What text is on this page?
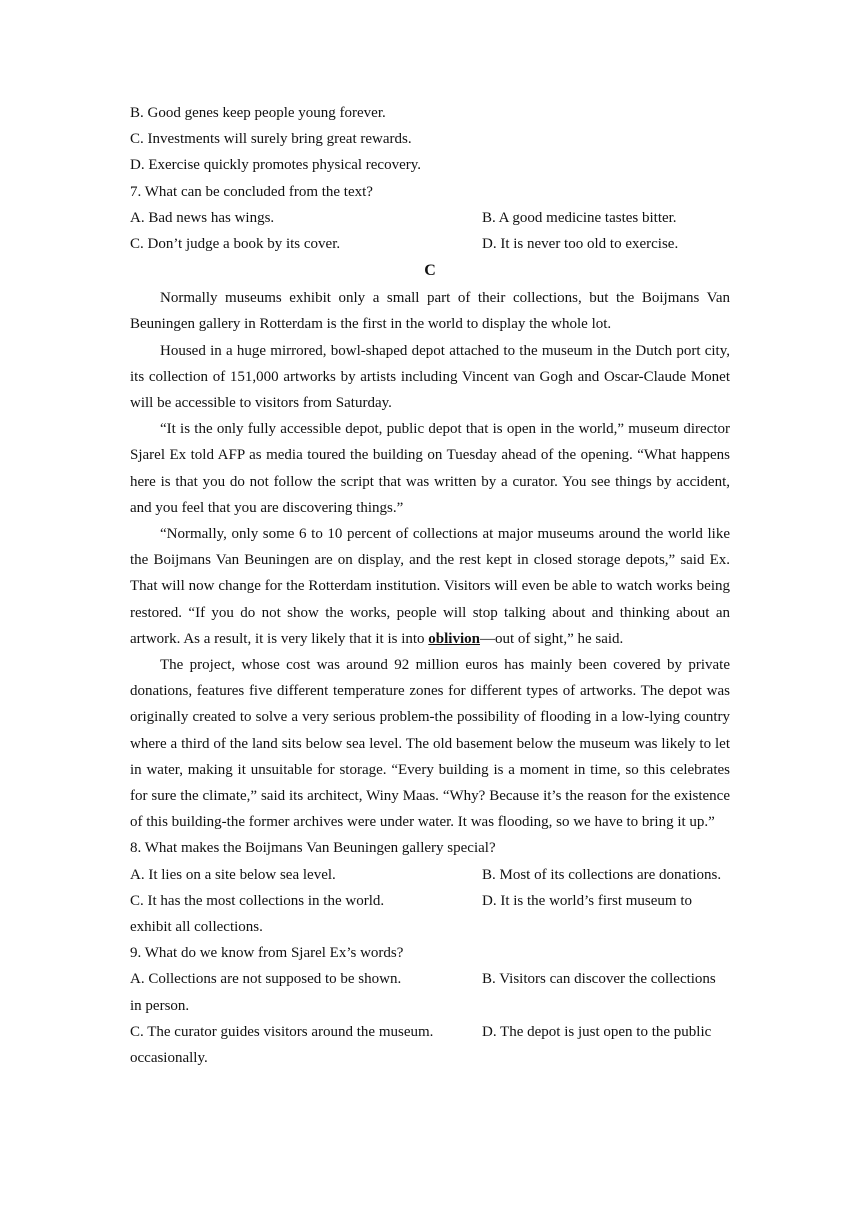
B. Good genes keep people young forever.
C. Investments will surely bring great rewards.
D. Exercise quickly promotes physical recovery.
7. What can be concluded from the text?
A. Bad news has wings.	B. A good medicine tastes bitter.
C. Don’t judge a book by its cover.	D. It is never too old to exercise.
C

Normally museums exhibit only a small part of their collections, but the Boijmans Van Beuningen gallery in Rotterdam is the first in the world to display the whole lot.

Housed in a huge mirrored, bowl-shaped depot attached to the museum in the Dutch port city, its collection of 151,000 artworks by artists including Vincent van Gogh and Oscar-Claude Monet will be accessible to visitors from Saturday.

“It is the only fully accessible depot, public depot that is open in the world,” museum director Sjarel Ex told AFP as media toured the building on Tuesday ahead of the opening. “What happens here is that you do not follow the script that was written by a curator. You see things by accident, and you feel that you are discovering things.”

“Normally, only some 6 to 10 percent of collections at major museums around the world like the Boijmans Van Beuningen are on display, and the rest kept in closed storage depots,” said Ex. That will now change for the Rotterdam institution. Visitors will even be able to watch works being restored. “If you do not show the works, people will stop talking about and thinking about an artwork. As a result, it is very likely that it is into oblivion—out of sight,” he said.

The project, whose cost was around 92 million euros has mainly been covered by private donations, features five different temperature zones for different types of artworks. The depot was originally created to solve a very serious problem-the possibility of flooding in a low-lying country where a third of the land sits below sea level. The old basement below the museum was likely to let in water, making it unsuitable for storage. “Every building is a moment in time, so this celebrates for sure the climate,” said its architect, Winy Maas. “Why? Because it’s the reason for the existence of this building-the former archives were under water. It was flooding, so we have to bring it up.”

8. What makes the Boijmans Van Beuningen gallery special?
A. It lies on a site below sea level.	B. Most of its collections are donations.
C. It has the most collections in the world.	D. It is the world’s first museum to
exhibit all collections.
9. What do we know from Sjarel Ex’s words?
A. Collections are not supposed to be shown.	B. Visitors can discover the collections
in person.
C. The curator guides visitors around the museum.	D. The depot is just open to the public
occasionally.
